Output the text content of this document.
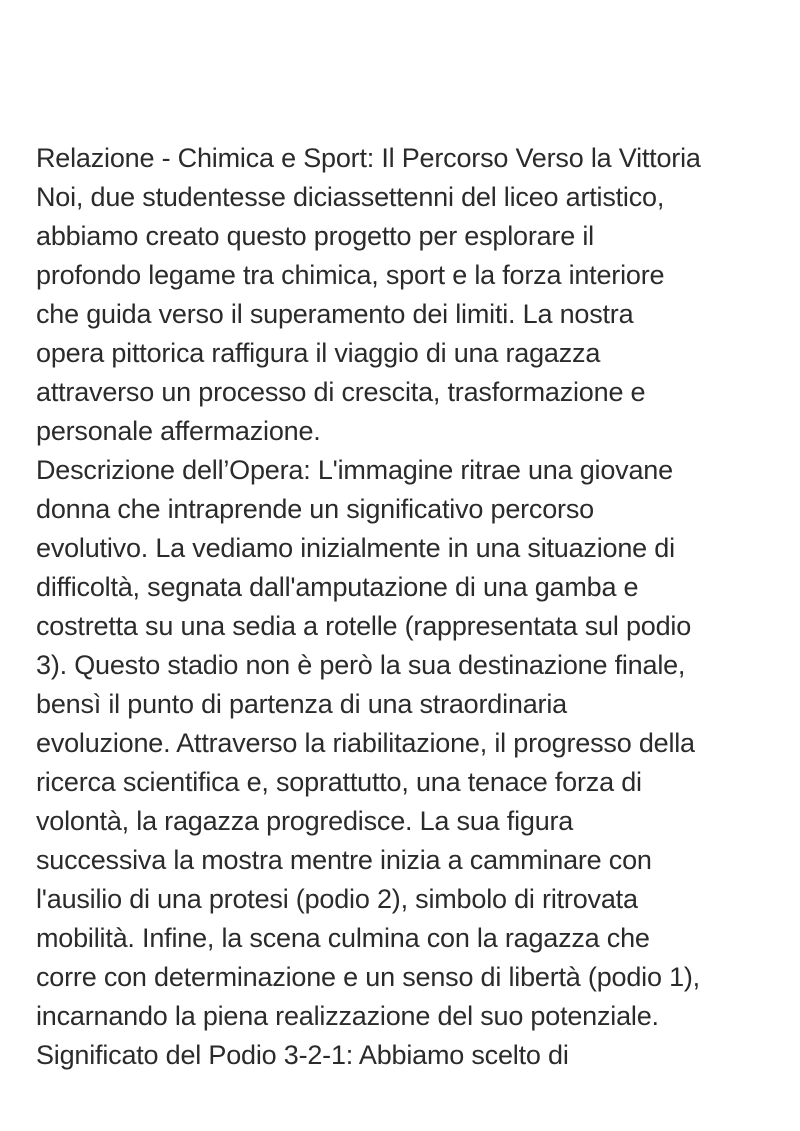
Relazione - Chimica e Sport: Il Percorso Verso la Vittoria
Noi, due studentesse diciassettenni del liceo artistico,
abbiamo creato questo progetto per esplorare il
profondo legame tra chimica, sport e la forza interiore
che guida verso il superamento dei limiti. La nostra
opera pittorica raffigura il viaggio di una ragazza
attraverso un processo di crescita, trasformazione e
personale affermazione.
Descrizione dell’Opera: L'immagine ritrae una giovane
donna che intraprende un significativo percorso
evolutivo. La vediamo inizialmente in una situazione di
difficoltà, segnata dall'amputazione di una gamba e
costretta su una sedia a rotelle (rappresentata sul podio
3). Questo stadio non è però la sua destinazione finale,
bensì il punto di partenza di una straordinaria
evoluzione. Attraverso la riabilitazione, il progresso della
ricerca scientifica e, soprattutto, una tenace forza di
volontà, la ragazza progredisce. La sua figura
successiva la mostra mentre inizia a camminare con
l'ausilio di una protesi (podio 2), simbolo di ritrovata
mobilità. Infine, la scena culmina con la ragazza che
corre con determinazione e un senso di libertà (podio 1),
incarnando la piena realizzazione del suo potenziale.
Significato del Podio 3-2-1: Abbiamo scelto di
